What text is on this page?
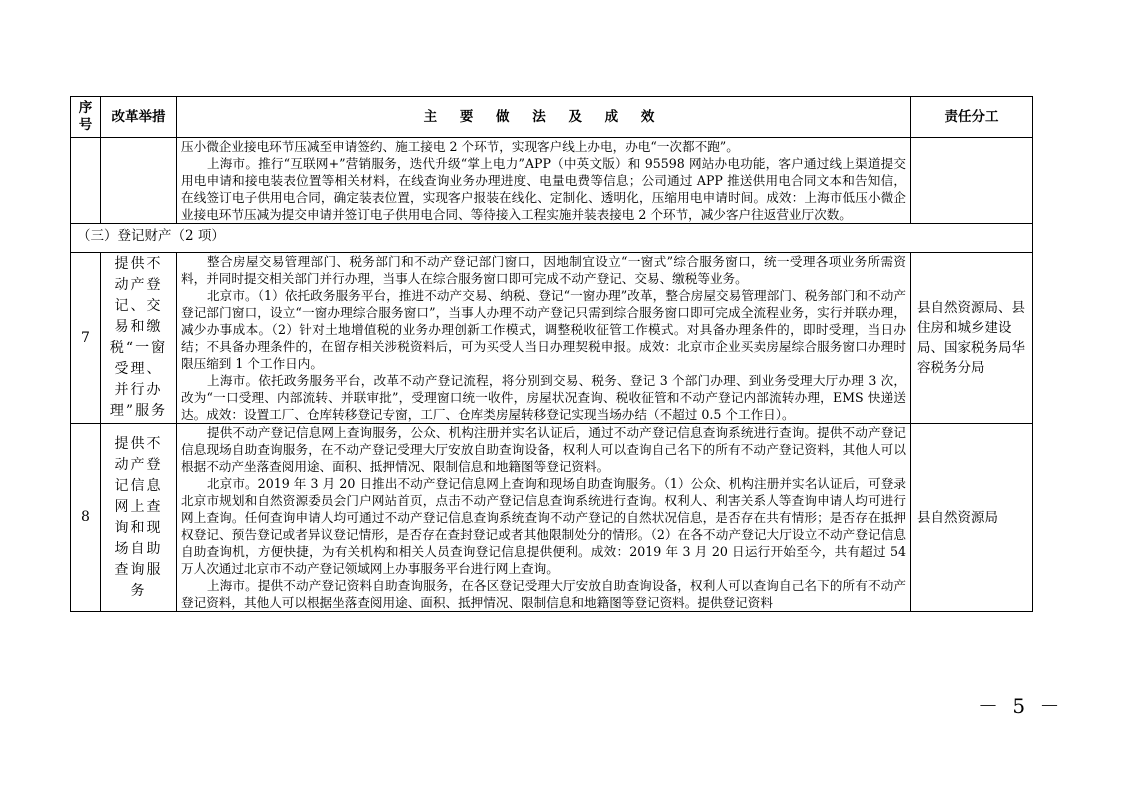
序号	改革举措	主 要 做 法 及 成 效	责任分工

		压小微企业接电环节压减至申请签约、施工接电 2 个环节，实现客户线上办电，办电“一次都不跑”。

上海市。推行“互联网+”营销服务，迭代升级“掌上电力”APP（中英文版）和 95598 网站办电功能，客户通过线上渠道提交用电申请和接电装表位置等相关材料，在线查询业务办理进度、电量电费等信息；公司通过 APP 推送供用电合同文本和告知信，在线签订电子供用电合同，确定装表位置，实现客户报装在线化、定制化、透明化，压缩用电申请时间。成效：上海市低压小微企业接电环节压减为提交申请并签订电子供用电合同、等待接入工程实施并装表接电 2 个环节，减少客户往返营业厅次数。	

（三）登记财产（2 项）			
7	提供不动产登记、交易和缴税“一窗受理、并行办理”服务	整合房屋交易管理部门、税务部门和不动产登记部门窗口，因地制宜设立“一窗式”综合服务窗口，统一受理各项业务所需资料，并同时提交相关部门并行办理，当事人在综合服务窗口即可完成不动产登记、交易、缴税等业务。

北京市。（1）依托政务服务平台，推进不动产交易、纳税、登记“一窗办理”改革，整合房屋交易管理部门、税务部门和不动产登记部门窗口，设立“一窗办理综合服务窗口”，当事人办理不动产登记只需到综合服务窗口即可完成全流程业务，实行并联办理，减少办事成本。（2）针对土地增值税的业务办理创新工作模式，调整税收征管工作模式。对具备办理条件的，即时受理，当日办结；不具备办理条件的，在留存相关涉税资料后，可为买受人当日办理契税申报。成效：北京市企业买卖房屋综合服务窗口办理时限压缩到 1 个工作日内。

上海市。依托政务服务平台，改革不动产登记流程，将分别到交易、税务、登记 3 个部门办理、到业务受理大厅办理 3 次，改为“一口受理、内部流转、并联审批”，受理窗口统一收件，房屋状况查询、税收征管和不动产登记内部流转办理，EMS 快递送达。成效：设置工厂、仓库转移登记专窗，工厂、仓库类房屋转移登记实现当场办结（不超过 0.5 个工作日）。	县自然资源局、县住房和城乡建设局、国家税务局华容税务分局
8	提供不动产登记信息网上查询和现场自助查询服务	提供不动产登记信息网上查询服务，公众、机构注册并实名认证后，通过不动产登记信息查询系统进行查询。提供不动产登记信息现场自助查询服务，在不动产登记受理大厅安放自助查询设备，权利人可以查询自己名下的所有不动产登记资料，其他人可以根据不动产坐落查阅用途、面积、抵押情况、限制信息和地籍图等登记资料。

北京市。2019 年 3 月 20 日推出不动产登记信息网上查询和现场自助查询服务。（1）公众、机构注册并实名认证后，可登录北京市规划和自然资源委员会门户网站首页，点击不动产登记信息查询系统进行查询。权利人、利害关系人等查询申请人均可进行网上查询。任何查询申请人均可通过不动产登记信息查询系统查询不动产登记的自然状况信息，是否存在共有情形；是否存在抵押权登记、预告登记或者异议登记情形，是否存在查封登记或者其他限制处分的情形。（2）在各不动产登记大厅设立不动产登记信息自助查询机，方便快捷，为有关机构和相关人员查询登记信息提供便利。成效：2019 年 3 月 20 日运行开始至今，共有超过 54 万人次通过北京市不动产登记领域网上办事服务平台进行网上查询。

上海市。提供不动产登记资料自助查询服务，在各区登记受理大厅安放自助查询设备，权利人可以查询自己名下的所有不动产登记资料，其他人可以根据坐落查阅用途、面积、抵押情况、限制信息和地籍图等登记资料。提供登记资料	县自然资源局
－ 5 －
